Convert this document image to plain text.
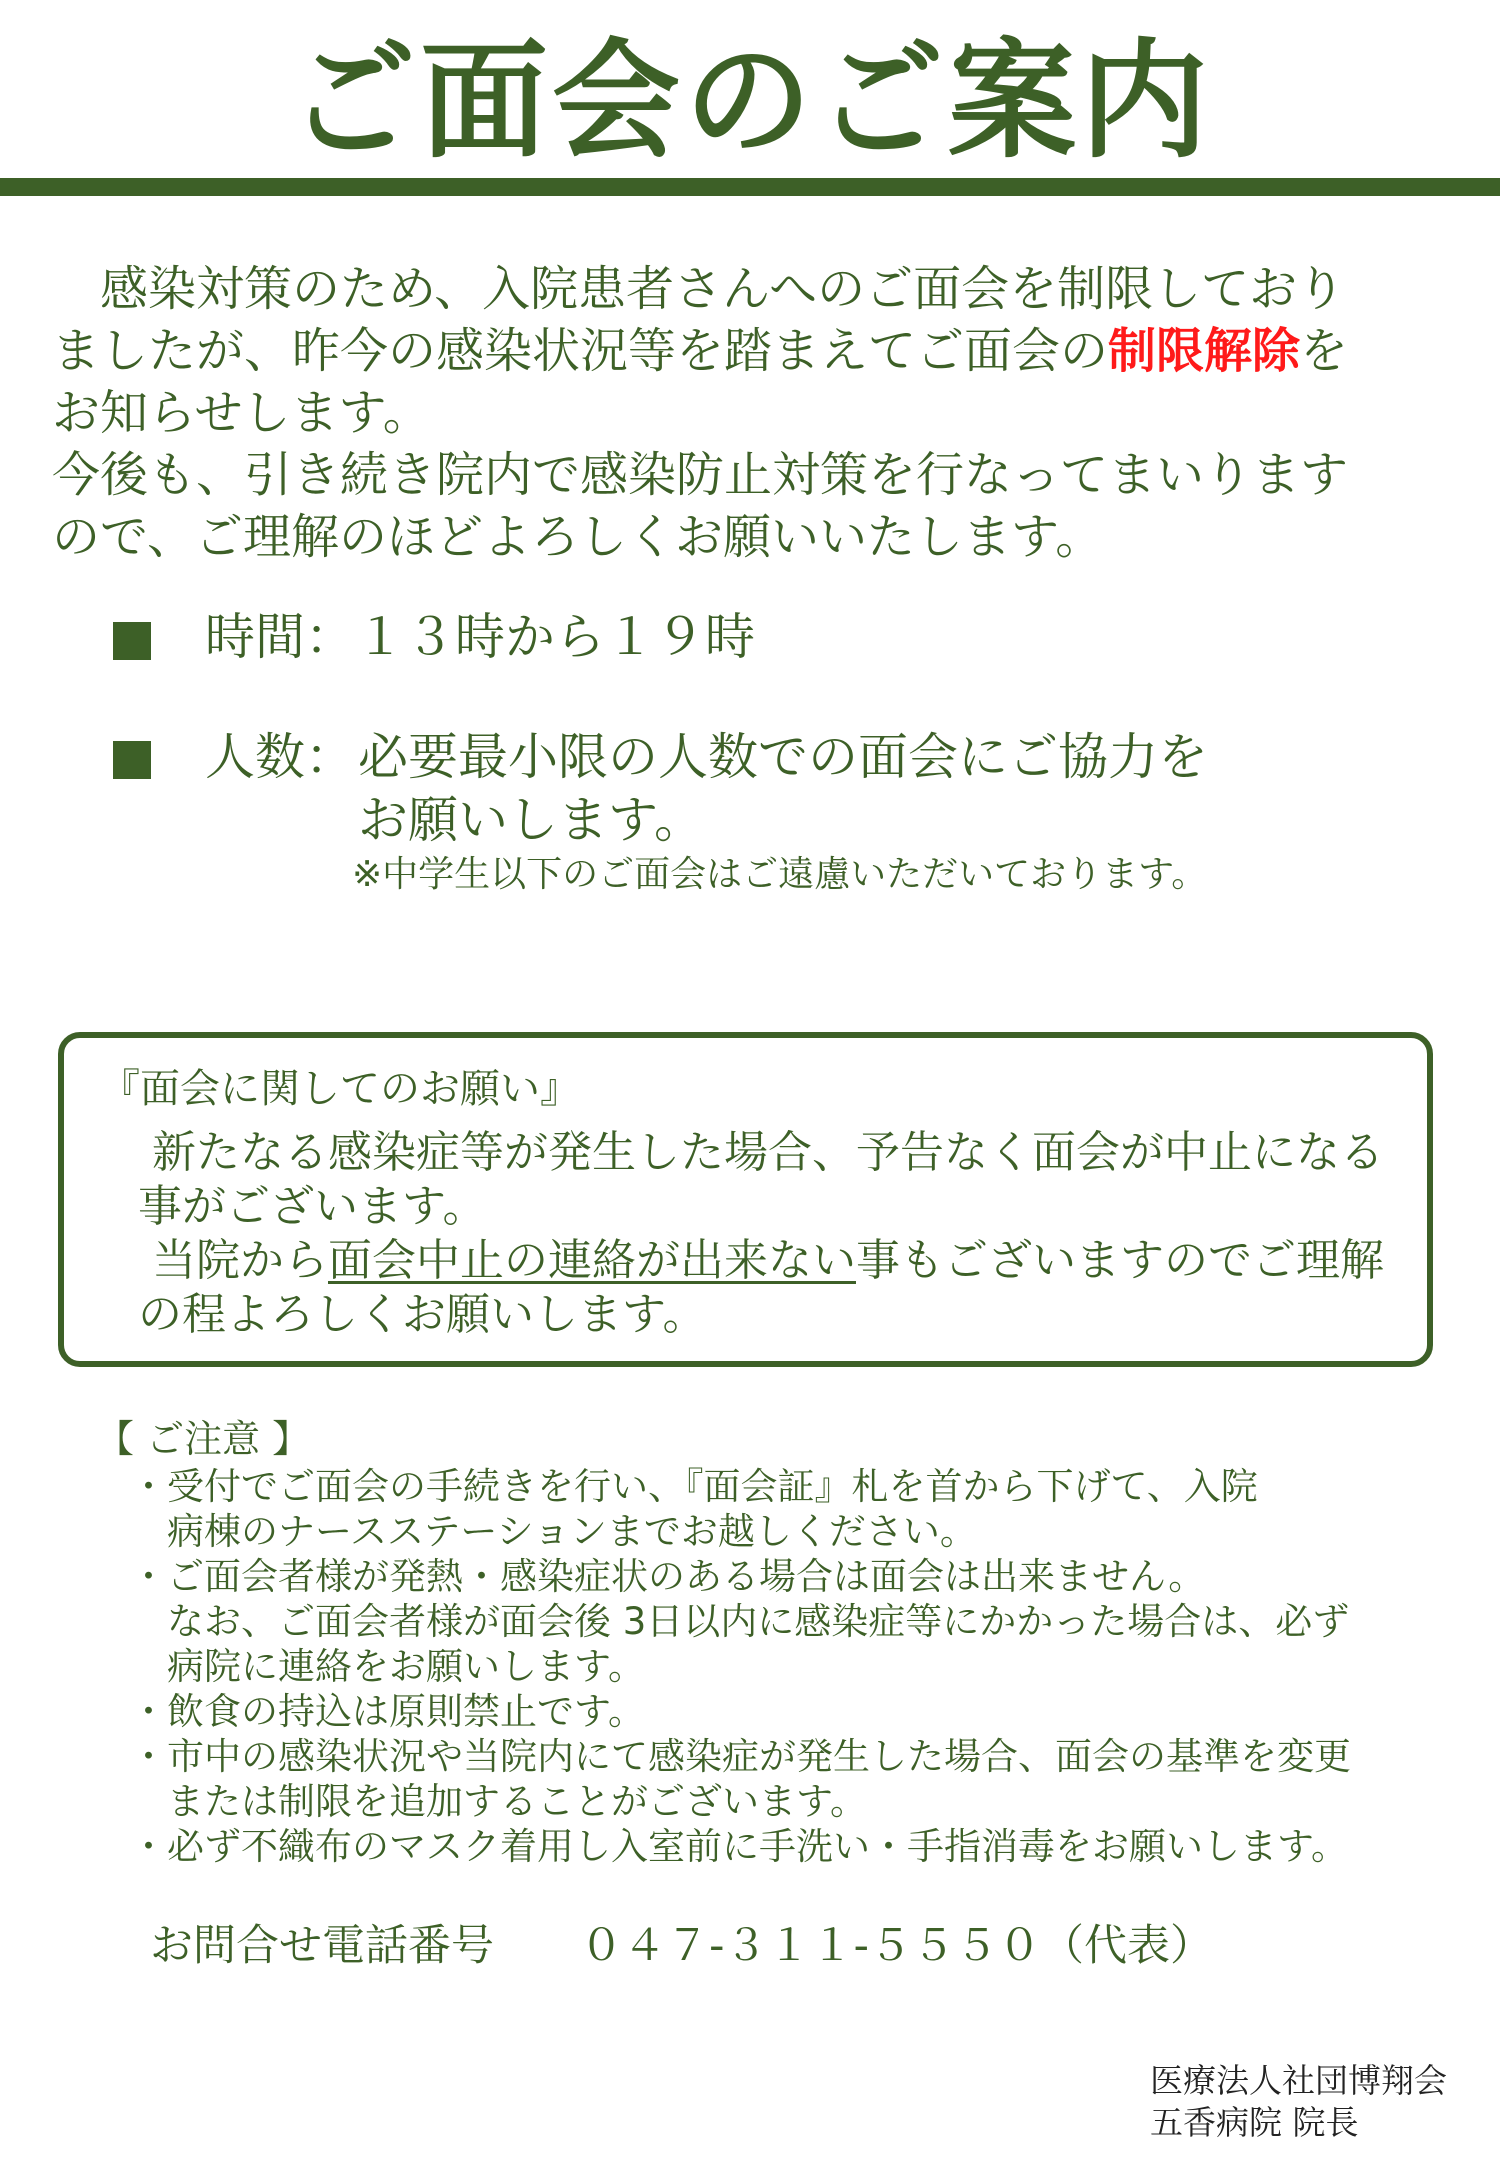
ご面会のご案内
　感染対策のため、入院患者さんへのご面会を制限しており
ましたが、昨今の感染状況等を踏まえてご面会の制限解除を
お知らせします。
今後も、引き続き院内で感染防止対策を行なってまいります
ので、ご理解のほどよろしくお願いいたします。
時間：１３時から１９時
人数： 必要最小限の人数での面会にご協力を
お願いします。
※中学生以下のご面会はご遠慮いただいております。
『面会に関してのお願い』
新たなる感染症等が発生した場合、予告なく面会が中止になる
事がございます。
当院から面会中止の連絡が出来ない事もございますのでご理解
の程よろしくお願いします。
【 ご注意 】
・受付でご面会の手続きを行い、『面会証』札を首から下げて、入院
　病棟のナースステーションまでお越しください。
・ご面会者様が発熱・感染症状のある場合は面会は出来ません。
　なお、ご面会者様が面会後 3日以内に感染症等にかかった場合は、必ず
　病院に連絡をお願いします。
・飲食の持込は原則禁止です。
・市中の感染状況や当院内にて感染症が発生した場合、面会の基準を変更
　または制限を追加することがございます。
・必ず不織布のマスク着用し入室前に手洗い・手指消毒をお願いします。
お問合せ電話番号　　 ０４７-３１１-５５５０（代表）
医療法人社団博翔会
五香病院 院長
